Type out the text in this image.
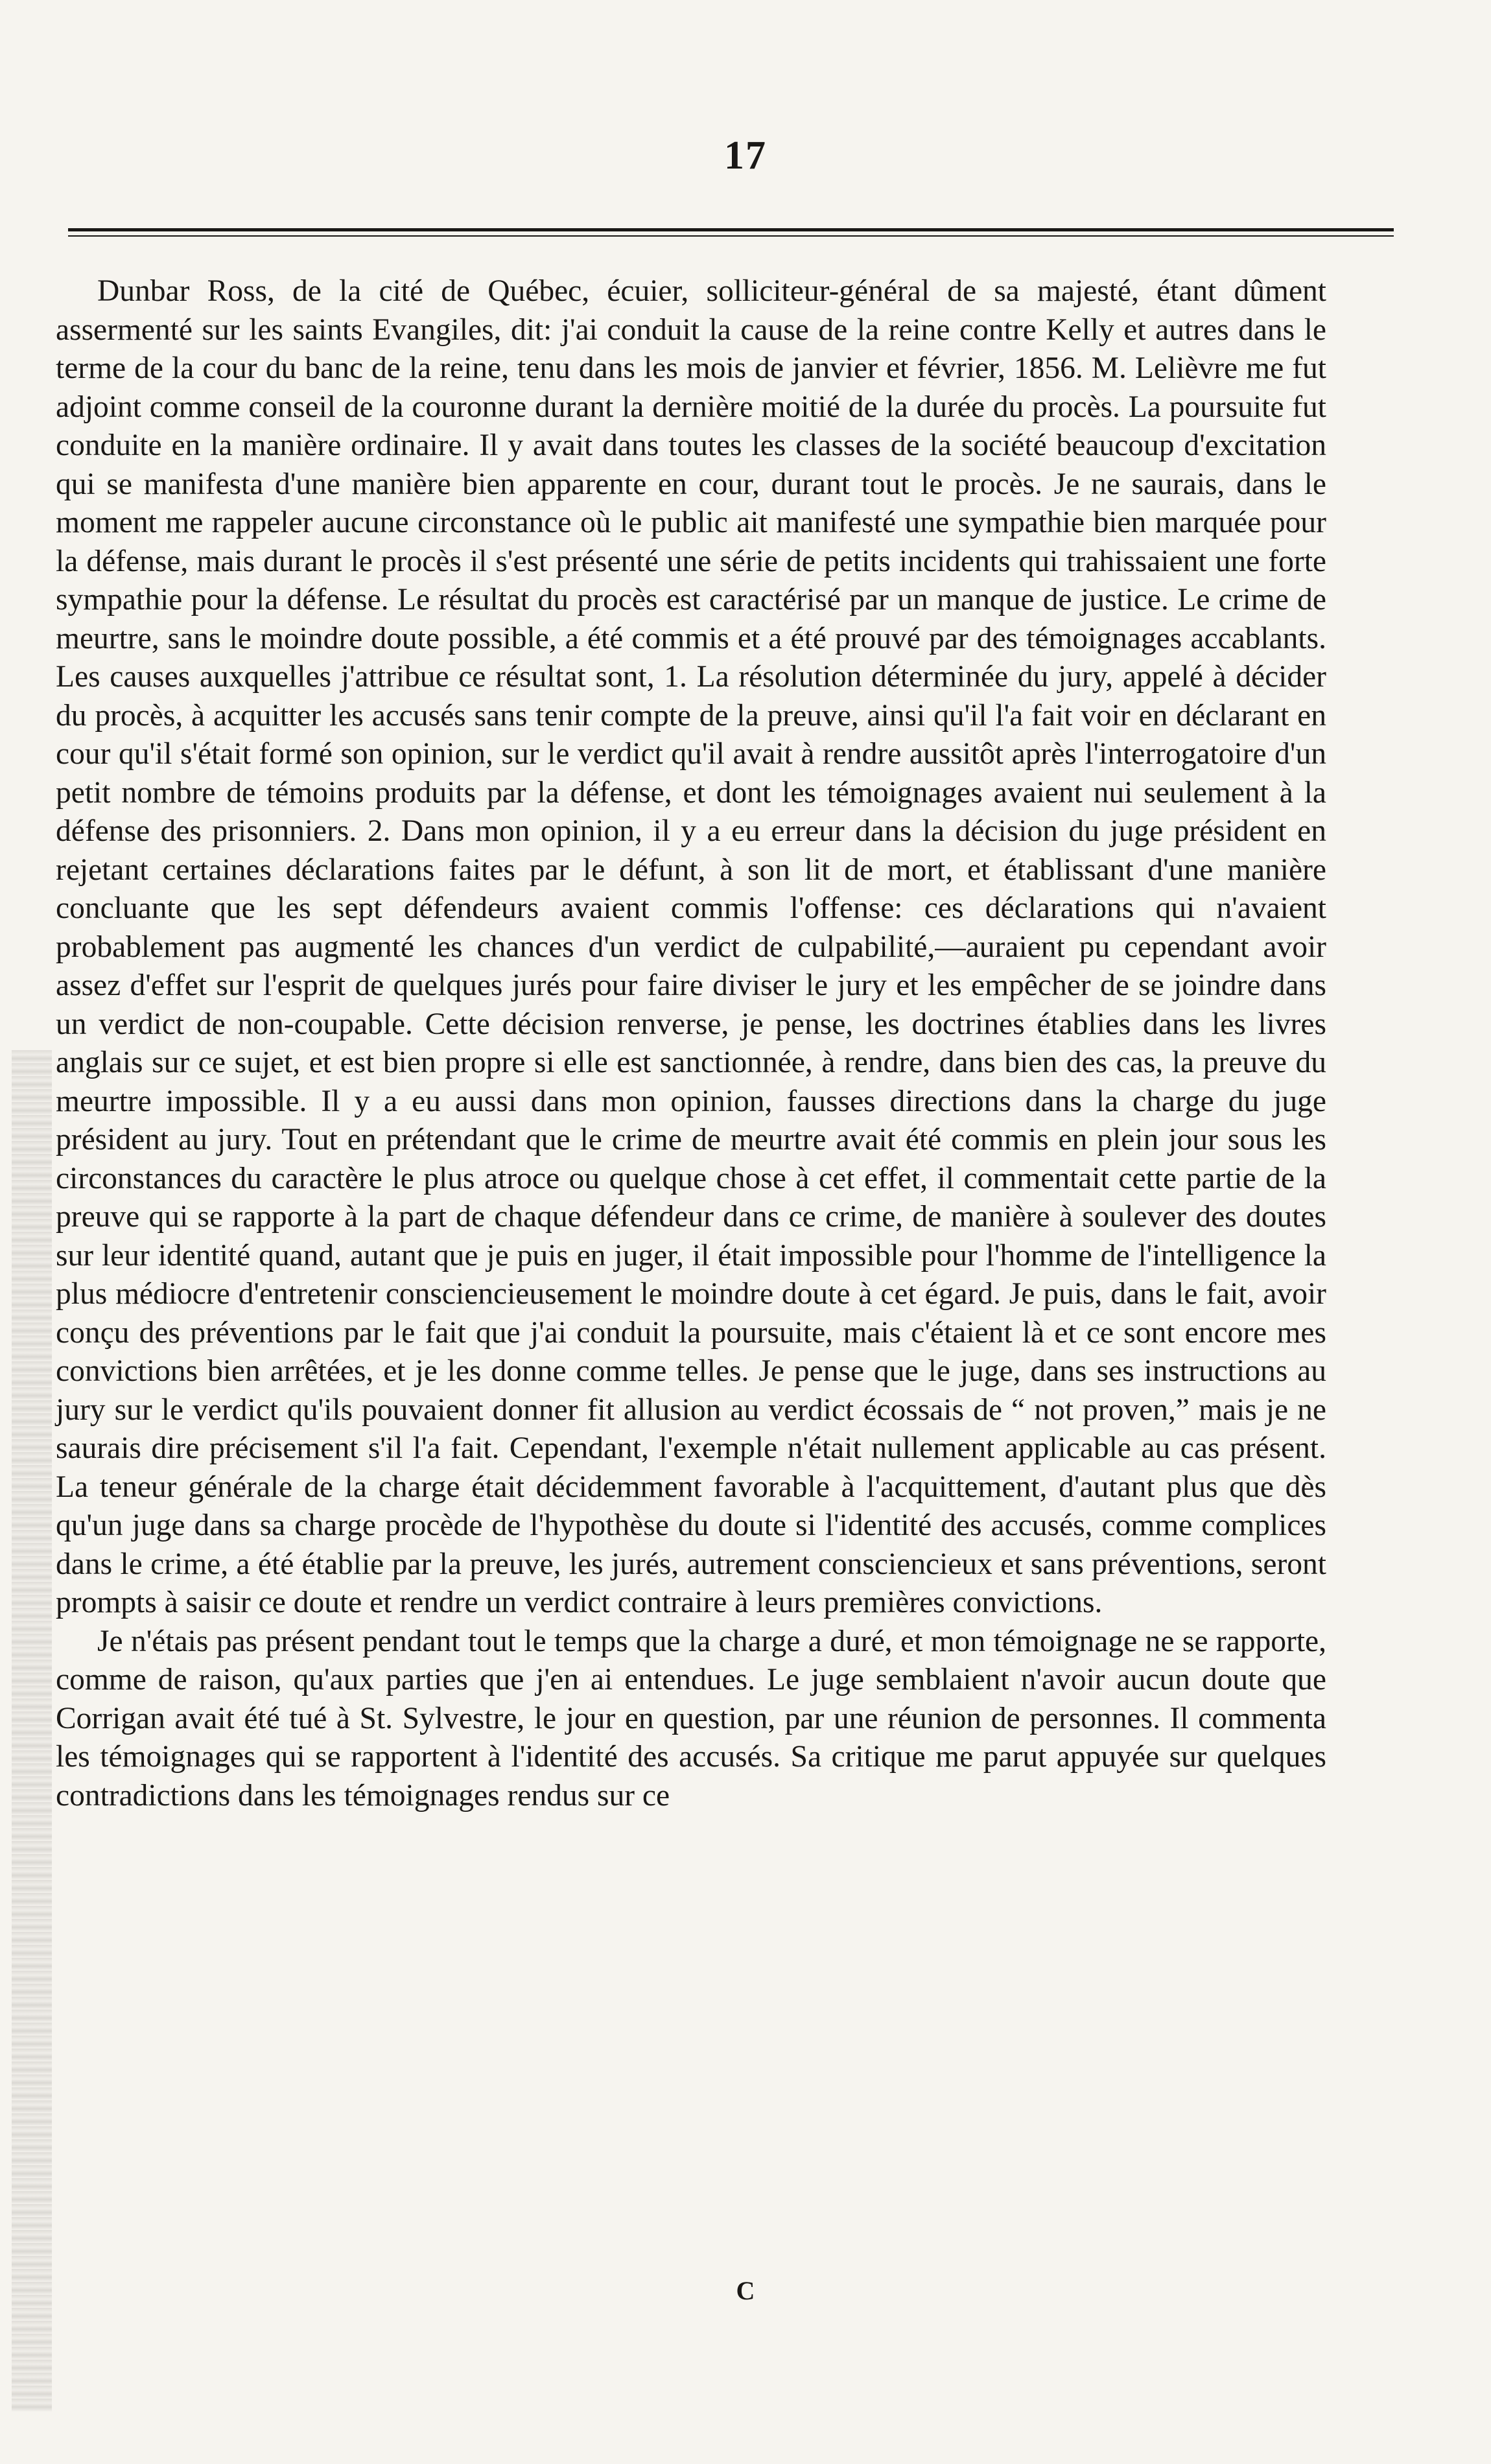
17

Dunbar Ross, de la cité de Québec, écuier, solliciteur-général de sa majesté, étant dûment assermenté sur les saints Evangiles, dit: j'ai conduit la cause de la reine contre Kelly et autres dans le terme de la cour du banc de la reine, tenu dans les mois de janvier et février, 1856. M. Lelièvre me fut adjoint comme conseil de la couronne durant la dernière moitié de la durée du procès. La poursuite fut conduite en la manière ordinaire. Il y avait dans toutes les classes de la société beaucoup d'excitation qui se manifesta d'une manière bien apparente en cour, durant tout le procès. Je ne saurais, dans le moment me rappeler aucune circonstance où le public ait manifesté une sympathie bien marquée pour la défense, mais durant le procès il s'est présenté une série de petits incidents qui trahissaient une forte sympathie pour la défense. Le résultat du procès est caractérisé par un manque de justice. Le crime de meurtre, sans le moindre doute possible, a été commis et a été prouvé par des témoignages accablants. Les causes auxquelles j'attribue ce résultat sont, 1. La résolution déterminée du jury, appelé à décider du procès, à acquitter les accusés sans tenir compte de la preuve, ainsi qu'il l'a fait voir en déclarant en cour qu'il s'était formé son opinion, sur le verdict qu'il avait à rendre aussitôt après l'interrogatoire d'un petit nombre de témoins produits par la défense, et dont les témoignages avaient nui seulement à la défense des prisonniers. 2. Dans mon opinion, il y a eu erreur dans la décision du juge président en rejetant certaines déclarations faites par le défunt, à son lit de mort, et établissant d'une manière concluante que les sept défendeurs avaient commis l'offense: ces déclarations qui n'avaient probablement pas augmenté les chances d'un verdict de culpabilité,—auraient pu cependant avoir assez d'effet sur l'esprit de quelques jurés pour faire diviser le jury et les empêcher de se joindre dans un verdict de non-coupable. Cette décision renverse, je pense, les doctrines établies dans les livres anglais sur ce sujet, et est bien propre si elle est sanctionnée, à rendre, dans bien des cas, la preuve du meurtre impossible. Il y a eu aussi dans mon opinion, fausses directions dans la charge du juge président au jury. Tout en prétendant que le crime de meurtre avait été commis en plein jour sous les circonstances du caractère le plus atroce ou quelque chose à cet effet, il commentait cette partie de la preuve qui se rapporte à la part de chaque défendeur dans ce crime, de manière à soulever des doutes sur leur identité quand, autant que je puis en juger, il était impossible pour l'homme de l'intelligence la plus médiocre d'entretenir consciencieusement le moindre doute à cet égard. Je puis, dans le fait, avoir conçu des préventions par le fait que j'ai conduit la poursuite, mais c'étaient là et ce sont encore mes convictions bien arrêtées, et je les donne comme telles. Je pense que le juge, dans ses instructions au jury sur le verdict qu'ils pouvaient donner fit allusion au verdict écossais de “ not proven,” mais je ne saurais dire précisement s'il l'a fait. Cependant, l'exemple n'était nullement applicable au cas présent. La teneur générale de la charge était décidemment favorable à l'acquittement, d'autant plus que dès qu'un juge dans sa charge procède de l'hypothèse du doute si l'identité des accusés, comme complices dans le crime, a été établie par la preuve, les jurés, autrement consciencieux et sans préventions, seront prompts à saisir ce doute et rendre un verdict contraire à leurs premières convictions.

Je n'étais pas présent pendant tout le temps que la charge a duré, et mon témoignage ne se rapporte, comme de raison, qu'aux parties que j'en ai entendues. Le juge semblaient n'avoir aucun doute que Corrigan avait été tué à St. Sylvestre, le jour en question, par une réunion de personnes. Il commenta les témoignages qui se rapportent à l'identité des accusés. Sa critique me parut appuyée sur quelques contradictions dans les témoignages rendus sur ce

C
